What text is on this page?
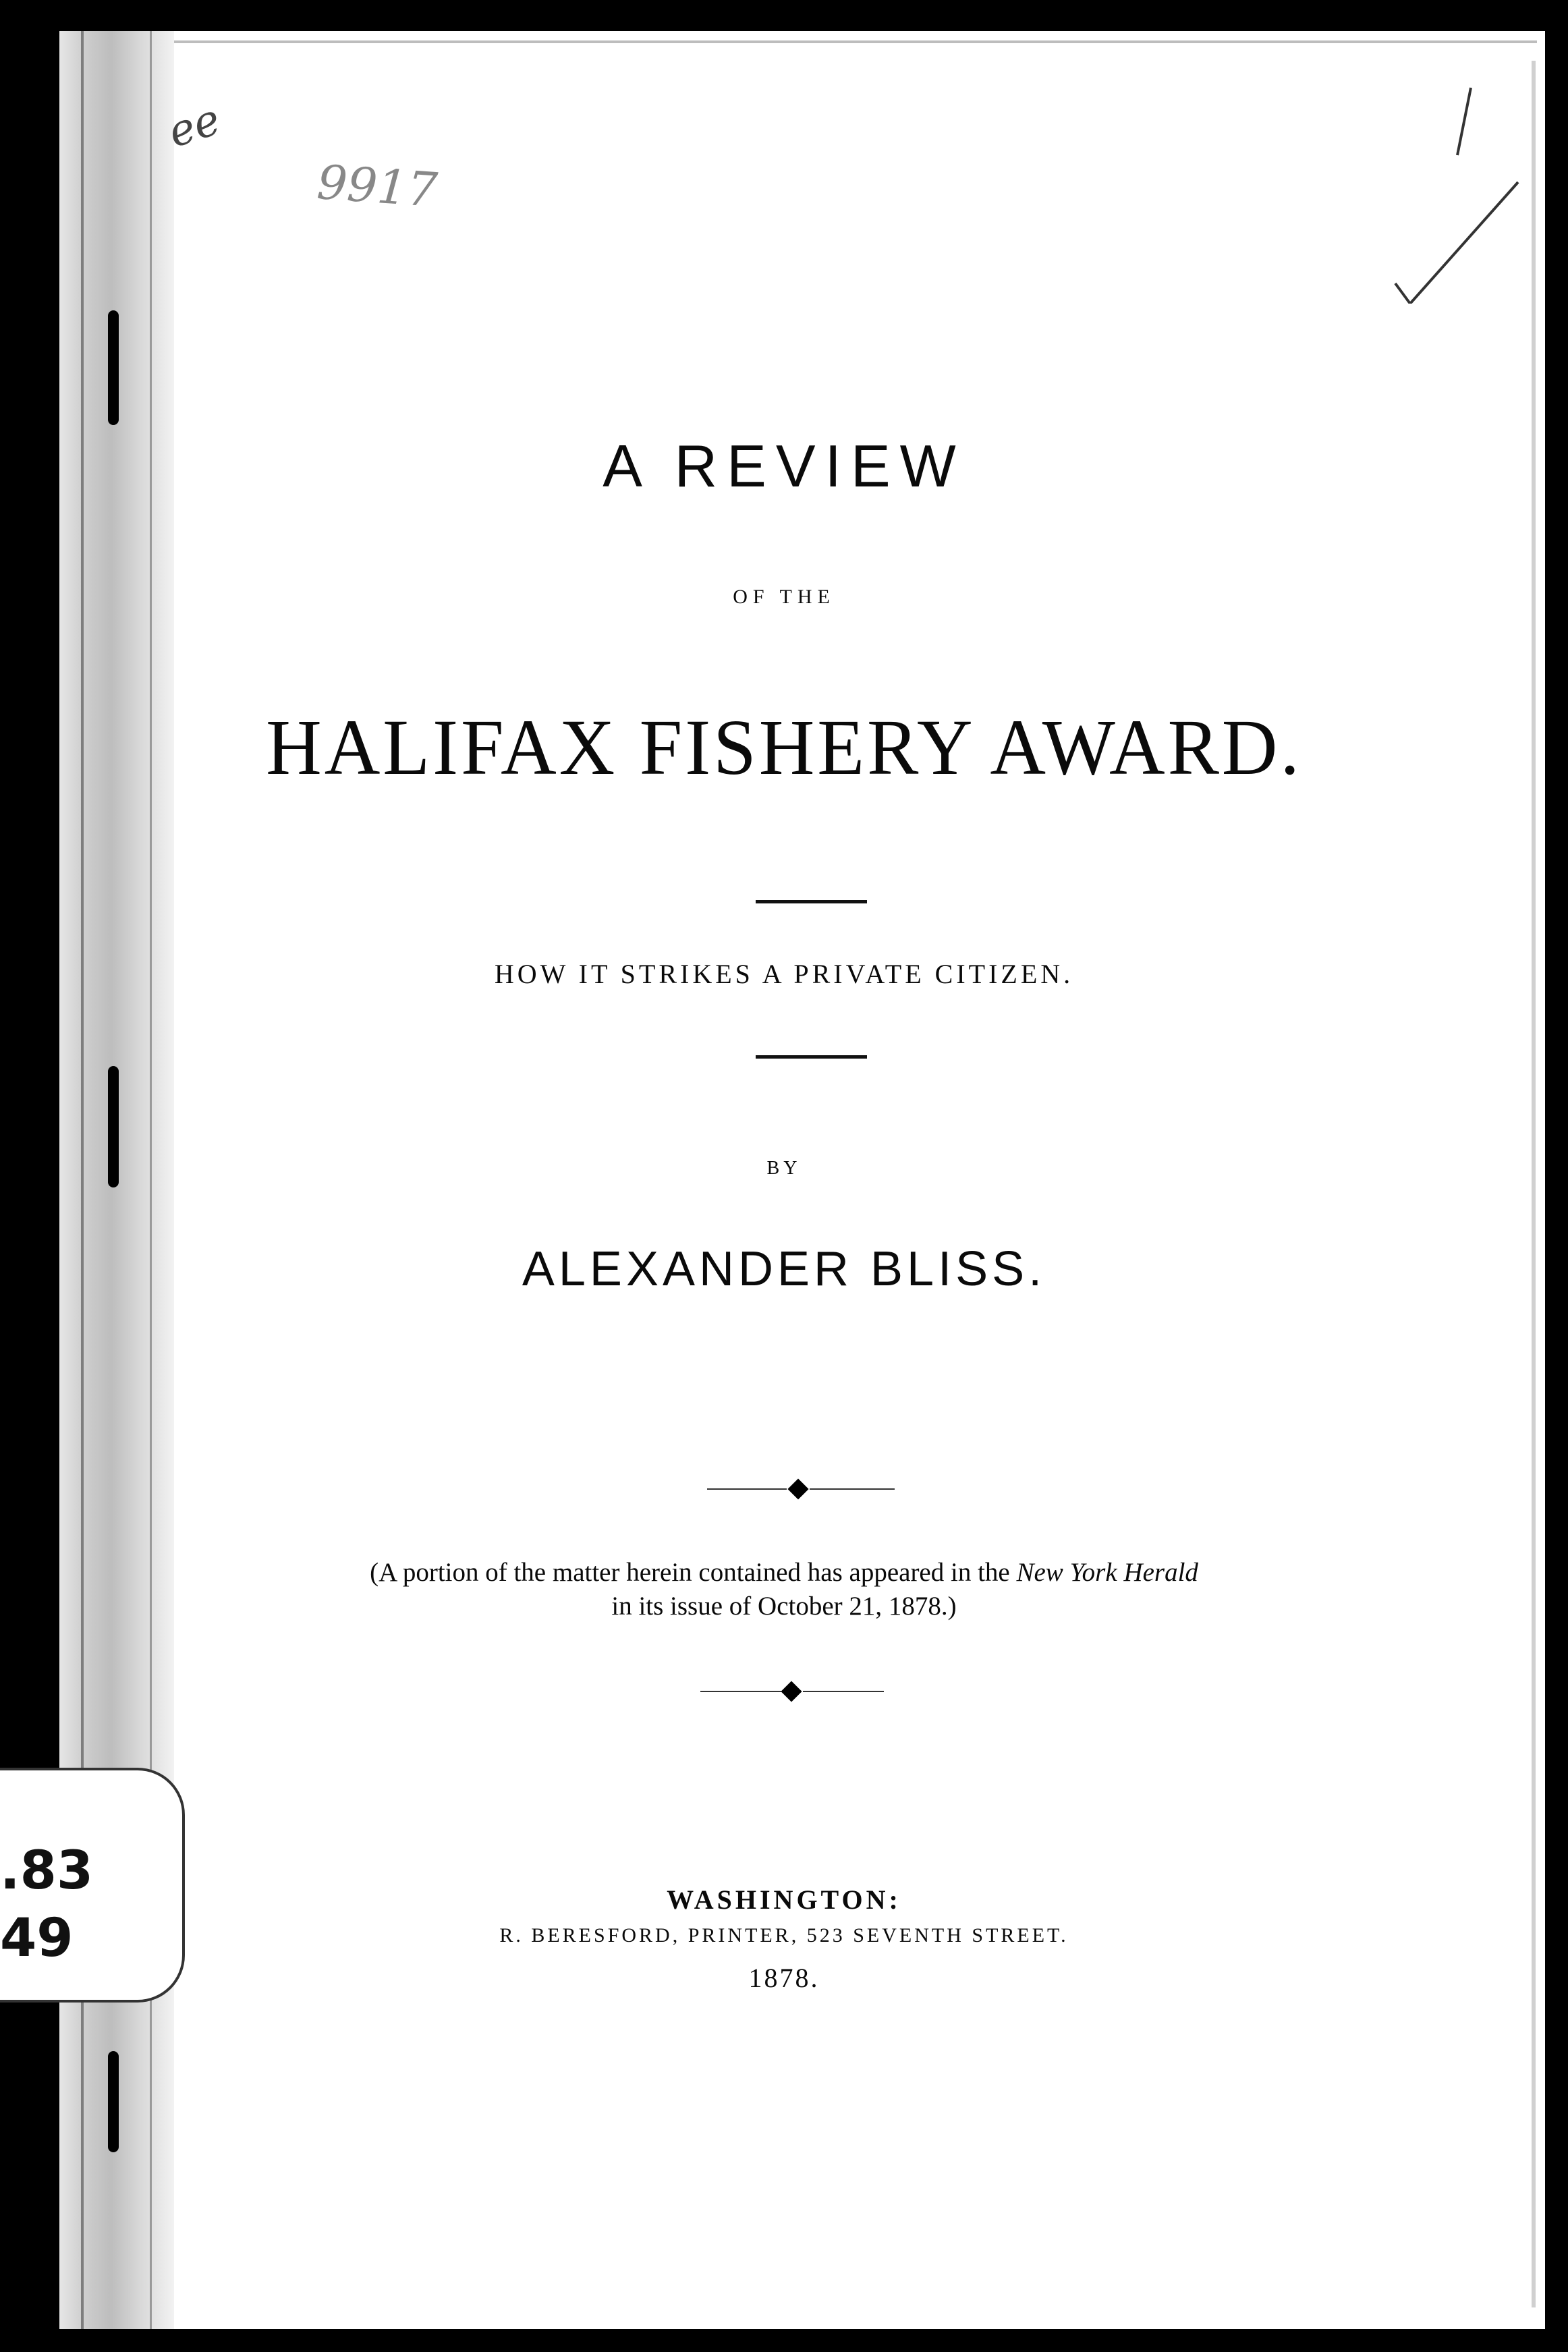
ee
9917
.83
49
A REVIEW
OF THE
HALIFAX FISHERY AWARD.
HOW IT STRIKES A PRIVATE CITIZEN.
BY
ALEXANDER BLISS.
(A portion of the matter herein contained has appeared in the New York Herald
in its issue of October 21, 1878.)
WASHINGTON:
R. BERESFORD, PRINTER, 523 SEVENTH STREET.
1878.
